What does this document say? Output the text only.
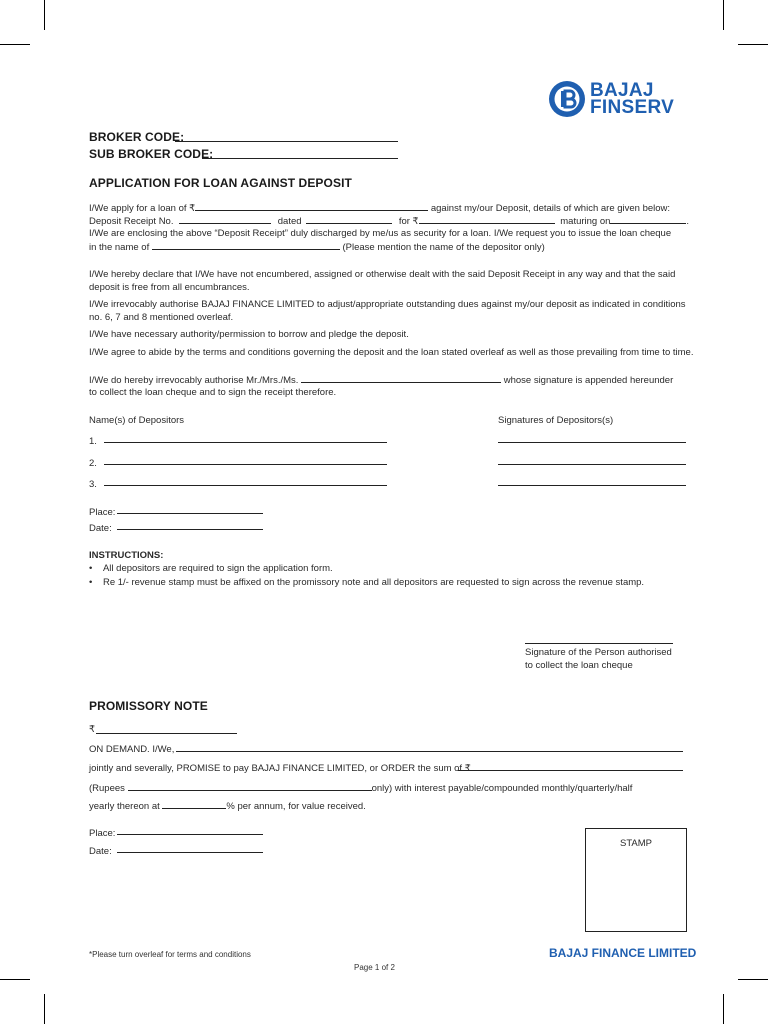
BAJAJ
FINSERV
BROKER CODE:
SUB BROKER CODE:
APPLICATION FOR LOAN AGAINST DEPOSIT
I/We apply for a loan of ₹	against my/our Deposit, details of which are given below:
Deposit Receipt No.	dated	for ₹	maturing on	.
I/We are enclosing the above “Deposit Receipt” duly discharged by me/us as security for a loan. I/We request you to issue the loan cheque
in the name of	(Please mention the name of the depositor only)
I/We hereby declare that I/We have not encumbered, assigned or otherwise dealt with the said Deposit Receipt in any way and that the said deposit is free from all encumbrances.
I/We irrevocably authorise BAJAJ FINANCE LIMITED to adjust/appropriate outstanding dues against my/our deposit as indicated in conditions no. 6, 7 and 8 mentioned overleaf.
I/We have necessary authority/permission to borrow and pledge the deposit.
I/We agree to abide by the terms and conditions governing the deposit and the loan stated overleaf as well as those prevailing from time to time.
I/We do hereby irrevocably authorise Mr./Mrs./Ms.	whose signature is appended hereunder
to collect the loan cheque and to sign the receipt therefore.
Name(s) of Depositors	Signatures of Depositors(s)
1.
2.
3.
Place:
Date:
INSTRUCTIONS:
• All depositors are required to sign the application form.
• Re 1/- revenue stamp must be affixed on the promissory note and all depositors are requested to sign across the revenue stamp.
Signature of the Person authorised
to collect the loan cheque
PROMISSORY NOTE
₹
ON DEMAND. I/We,
jointly and severally, PROMISE to pay BAJAJ FINANCE LIMITED, or ORDER the sum of ₹
(Rupees	only) with interest payable/compounded monthly/quarterly/half
yearly thereon at	% per annum, for value received.
Place:
Date:
STAMP
*Please turn overleaf for terms and conditions	BAJAJ FINANCE LIMITED
Page 1 of 2
